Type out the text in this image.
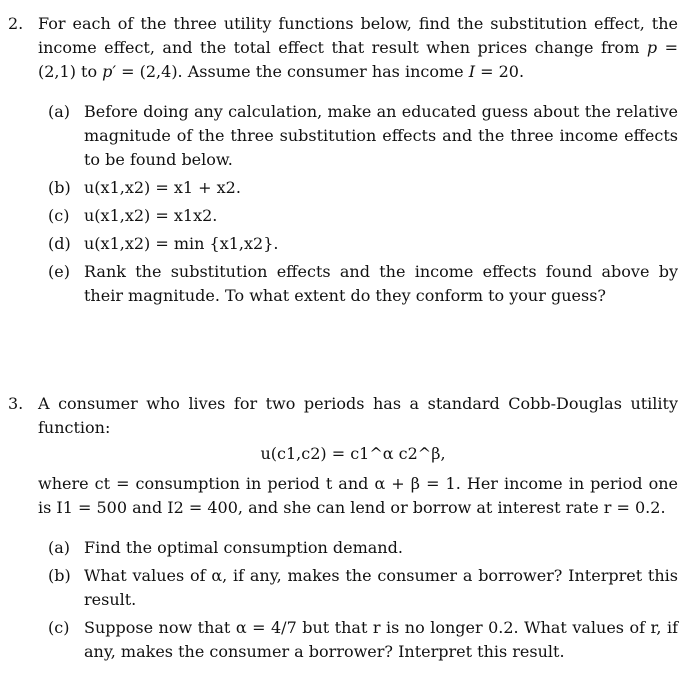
2. For each of the three utility functions below, find the substitution effect, the income effect, and the total effect that result when prices change from p = (2,1) to p′ = (2,4). Assume the consumer has income I = 20.
(a) Before doing any calculation, make an educated guess about the relative magnitude of the three substitution effects and the three income effects to be found below.
(b) u(x1,x2) = x1 + x2.
(c) u(x1,x2) = x1x2.
(d) u(x1,x2) = min {x1,x2}.
(e) Rank the substitution effects and the income effects found above by their magnitude. To what extent do they conform to your guess?
3. A consumer who lives for two periods has a standard Cobb-Douglas utility function:
u(c1,c2) = c1^α c2^β,
where ct = consumption in period t and α + β = 1. Her income in period one is I1 = 500 and I2 = 400, and she can lend or borrow at interest rate r = 0.2.
(a) Find the optimal consumption demand.
(b) What values of α, if any, makes the consumer a borrower? Interpret this result.
(c) Suppose now that α = 4/7 but that r is no longer 0.2. What values of r, if any, makes the consumer a borrower? Interpret this result.
